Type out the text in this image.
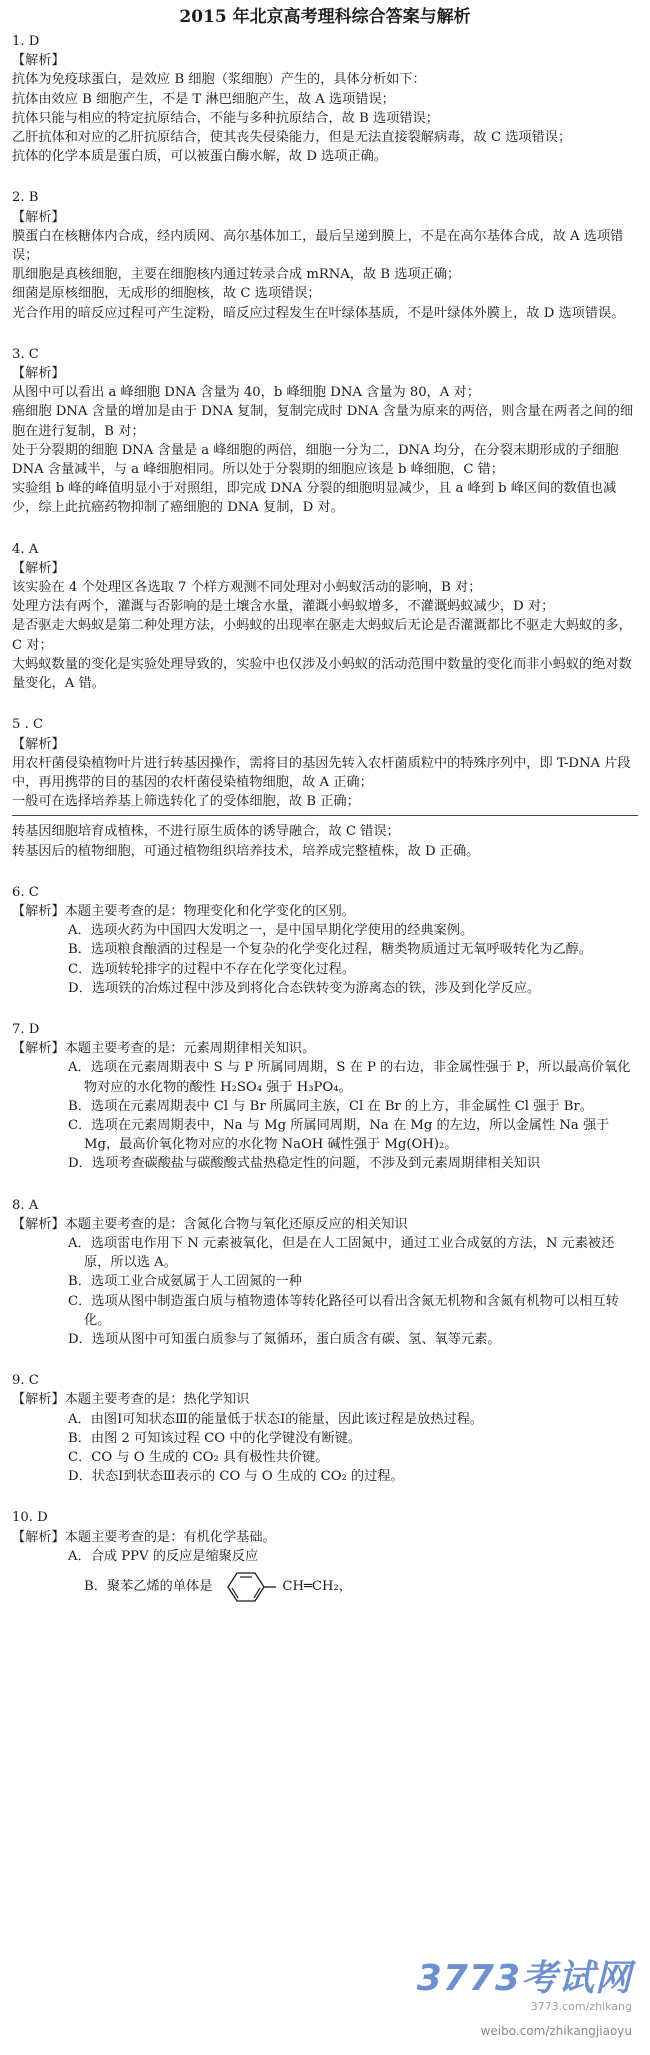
2015 年北京高考理科综合答案与解析
1. D
【解析】
抗体为免疫球蛋白，是效应 B 细胞（浆细胞）产生的，具体分析如下：
抗体由效应 B 细胞产生，不是 T 淋巴细胞产生，故 A 选项错误；
抗体只能与相应的特定抗原结合，不能与多种抗原结合，故 B 选项错误；
乙肝抗体和对应的乙肝抗原结合，使其丧失侵染能力，但是无法直接裂解病毒，故 C 选项错误；
抗体的化学本质是蛋白质，可以被蛋白酶水解，故 D 选项正确。
2. B
【解析】
膜蛋白在核糖体内合成，经内质网、高尔基体加工，最后呈递到膜上，不是在高尔基体合成，故 A 选项错误；
肌细胞是真核细胞，主要在细胞核内通过转录合成 mRNA，故 B 选项正确；
细菌是原核细胞，无成形的细胞核，故 C 选项错误；
光合作用的暗反应过程可产生淀粉，暗反应过程发生在叶绿体基质，不是叶绿体外膜上，故 D 选项错误。
3. C
【解析】
从图中可以看出 a 峰细胞 DNA 含量为 40，b 峰细胞 DNA 含量为 80，A 对；
癌细胞 DNA 含量的增加是由于 DNA 复制，复制完成时 DNA 含量为原来的两倍，则含量在两者之间的细胞在进行复制，B 对；
处于分裂期的细胞 DNA 含量是 a 峰细胞的两倍，细胞一分为二，DNA 均分，在分裂末期形成的子细胞 DNA 含量减半，与 a 峰细胞相同。所以处于分裂期的细胞应该是 b 峰细胞，C 错；
实验组 b 峰的峰值明显小于对照组，即完成 DNA 分裂的细胞明显减少，且 a 峰到 b 峰区间的数值也减少，综上此抗癌药物抑制了癌细胞的 DNA 复制，D 对。
4. A
【解析】
该实验在 4 个处理区各选取 7 个样方观测不同处理对小蚂蚁活动的影响，B 对；
处理方法有两个，灌溉与否影响的是土壤含水量，灌溉小蚂蚁增多，不灌溉蚂蚁减少，D 对；
是否驱走大蚂蚁是第二种处理方法，小蚂蚁的出现率在驱走大蚂蚁后无论是否灌溉都比不驱走大蚂蚁的多，C 对；
大蚂蚁数量的变化是实验处理导致的，实验中也仅涉及小蚂蚁的活动范围中数量的变化而非小蚂蚁的绝对数量变化，A 错。
5 . C
【解析】
用农杆菌侵染植物叶片进行转基因操作，需将目的基因先转入农杆菌质粒中的特殊序列中，即 T-DNA 片段中，再用携带的目的基因的农杆菌侵染植物细胞，故 A 正确；
一般可在选择培养基上筛选转化了的受体细胞，故 B 正确；
转基因细胞培育成植株，不进行原生质体的诱导融合，故 C 错误；
转基因后的植物细胞，可通过植物组织培养技术，培养成完整植株，故 D 正确。
6. C
【解析】本题主要考查的是：物理变化和化学变化的区别。
A．选项火药为中国四大发明之一，是中国早期化学使用的经典案例。
B．选项粮食酿酒的过程是一个复杂的化学变化过程，糖类物质通过无氧呼吸转化为乙醇。
C．选项转轮排字的过程中不存在化学变化过程。
D．选项铁的冶炼过程中涉及到将化合态铁转变为游离态的铁，涉及到化学反应。
7. D
【解析】本题主要考查的是：元素周期律相关知识。
A．选项在元素周期表中 S 与 P 所属同周期，S 在 P 的右边，非金属性强于 P，所以最高价氧化物对应的水化物的酸性 H₂SO₄ 强于 H₃PO₄。
B．选项在元素周期表中 Cl 与 Br 所属同主族，Cl 在 Br 的上方，非金属性 Cl 强于 Br。
C．选项在元素周期表中，Na 与 Mg 所属同周期，Na 在 Mg 的左边，所以金属性 Na 强于 Mg，最高价氧化物对应的水化物 NaOH 碱性强于 Mg(OH)₂。
D．选项考查碳酸盐与碳酸酸式盐热稳定性的问题，不涉及到元素周期律相关知识
8. A
【解析】本题主要考查的是：含氮化合物与氧化还原反应的相关知识
A．选项雷电作用下 N 元素被氧化，但是在人工固氮中，通过工业合成氨的方法，N 元素被还原，所以选 A。
B．选项工业合成氨属于人工固氮的一种
C．选项从图中制造蛋白质与植物遗体等转化路径可以看出含氮无机物和含氮有机物可以相互转化。
D．选项从图中可知蛋白质参与了氮循环，蛋白质含有碳、氢、氧等元素。
9. C
【解析】本题主要考查的是：热化学知识
A．由图Ⅰ可知状态Ⅲ的能量低于状态Ⅰ的能量，因此该过程是放热过程。
B．由图 2 可知该过程 CO 中的化学键没有断键。
C．CO 与 O 生成的 CO₂ 具有极性共价键。
D．状态Ⅰ到状态Ⅲ表示的 CO 与 O 生成的 CO₂ 的过程。
10. D
【解析】本题主要考查的是：有机化学基础。
A．合成 PPV 的反应是缩聚反应
B．聚苯乙烯的单体是	CH═CH₂，
3773考试网
3773.com/zhikang
weibo.com/zhikangjiaoyu
